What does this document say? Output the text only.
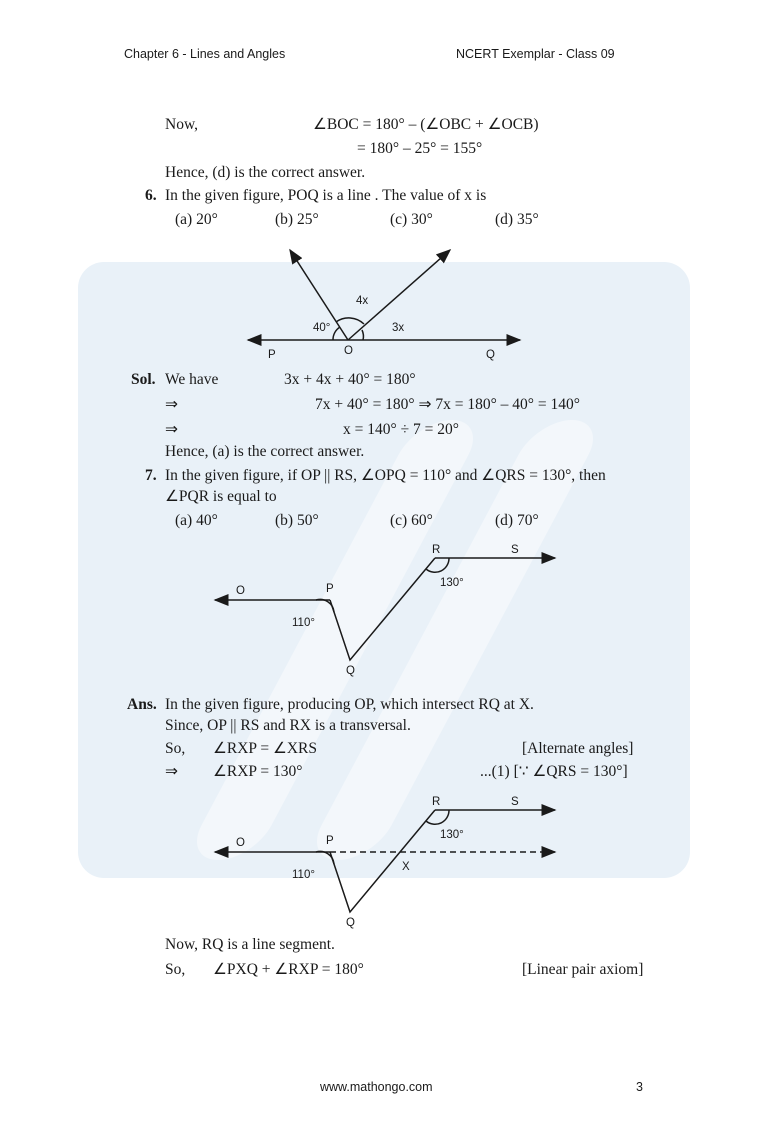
Chapter 6 - Lines and Angles	NCERT Exemplar - Class 09
Now,	∠BOC = 180° – (∠OBC + ∠OCB)
= 180° – 25° = 155°
Hence, (d) is the correct answer.
6. In the given figure, POQ is a line . The value of x is
(a) 20°	(b) 25°	(c) 30°	(d) 35°
4x
40°	3x
P	O	Q
O	P
R	S
130°
110°
Q
O	P
R	S
130°
110°
X
Q
Sol. We have	3x + 4x + 40° = 180°
⇒	7x + 40° = 180° ⇒ 7x = 180° – 40° = 140°
⇒	x = 140° ÷ 7 = 20°
Hence, (a) is the correct answer.
7. In the given figure, if OP || RS, ∠OPQ = 110° and ∠QRS = 130°, then
∠PQR is equal to
(a) 40°	(b) 50°	(c) 60°	(d) 70°
Ans. In the given figure, producing OP, which intersect RQ at X.
Since, OP || RS and RX is a transversal.
So, ∠RXP = ∠XRS	[Alternate angles]
⇒ ∠RXP = 130°	...(1) [∵ ∠QRS = 130°]
Now, RQ is a line segment.
So, ∠PXQ + ∠RXP = 180°	[Linear pair axiom]
www.mathongo.com	3
